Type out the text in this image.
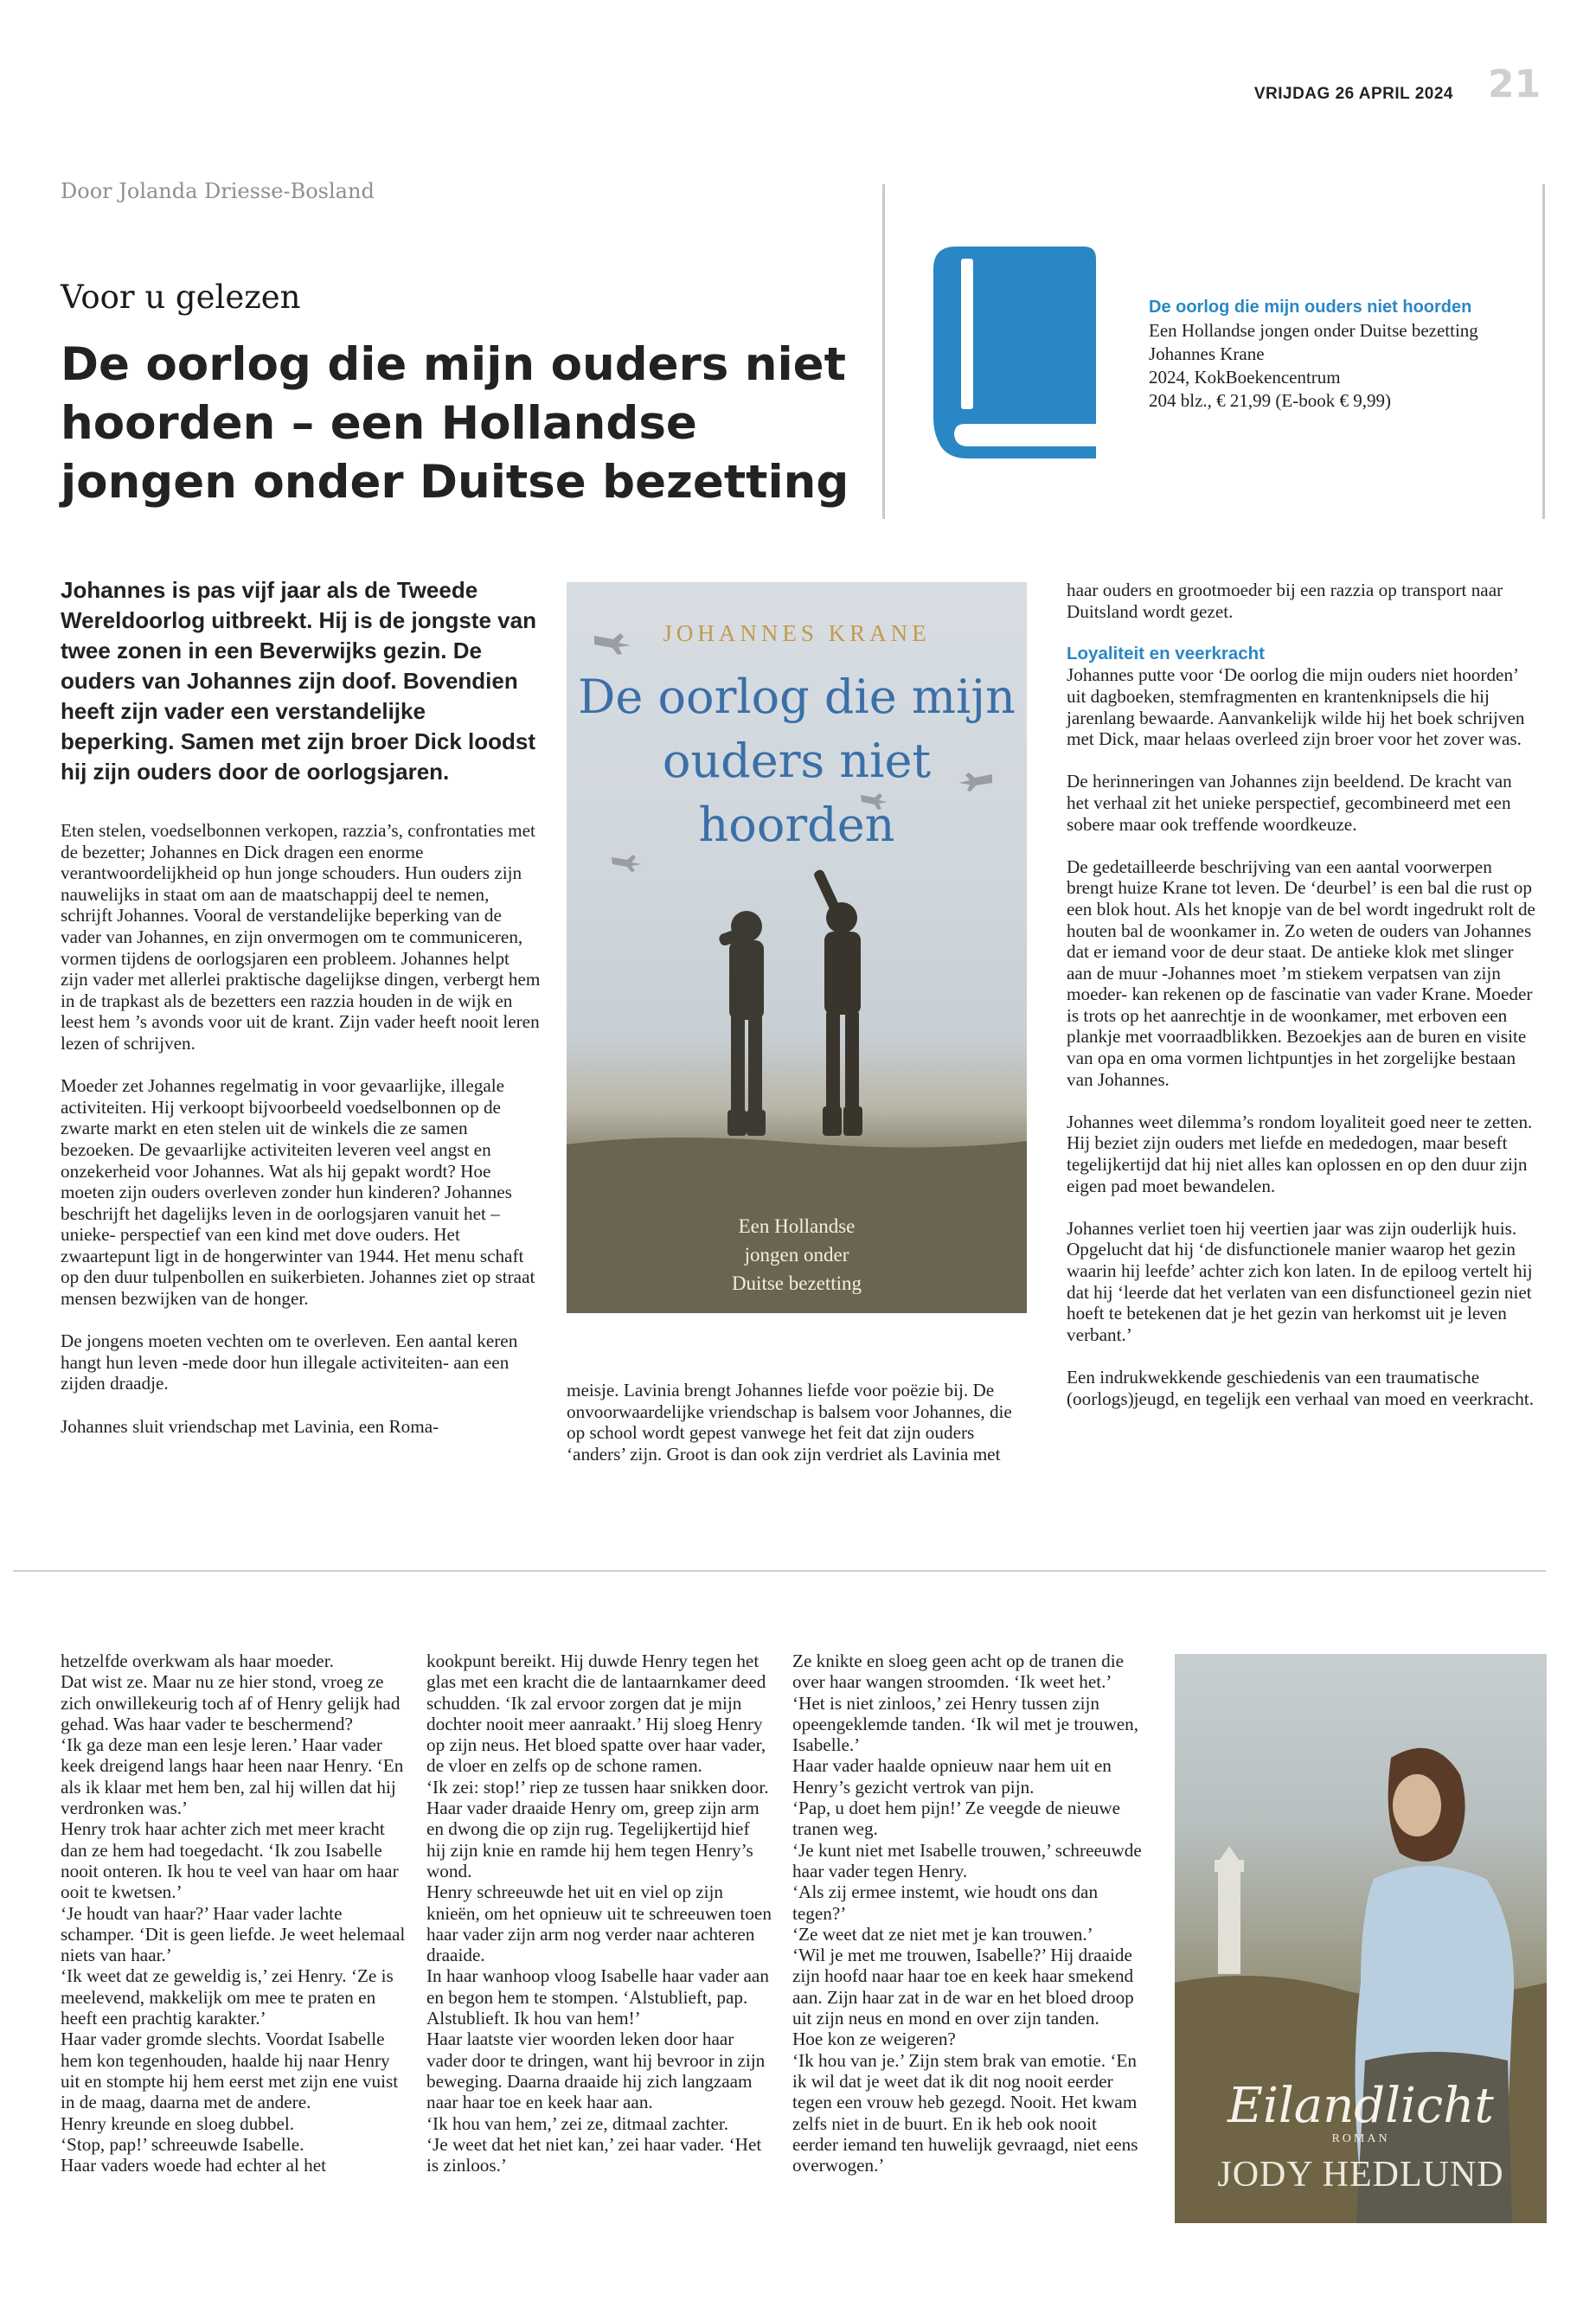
VRIJDAG 26 APRIL 2024 21
Door Jolanda Driesse-Bosland
Voor u gelezen
De oorlog die mijn ouders niet hoorden – een Hollandse jongen onder Duitse bezetting
De oorlog die mijn ouders niet hoorden
Een Hollandse jongen onder Duitse bezetting
Johannes Krane
2024, KokBoekencentrum
204 blz., € 21,99 (E-book € 9,99)

Johannes is pas vijf jaar als de Tweede Wereldoorlog uitbreekt. Hij is de jongste van twee zonen in een Beverwijks gezin. De ouders van Johannes zijn doof. Bovendien heeft zijn vader een verstandelijke beperking. Samen met zijn broer Dick loodst hij zijn ouders door de oorlogsjaren.

Eten stelen, voedselbonnen verkopen, razzia’s, confrontaties met de bezetter; Johannes en Dick dragen een enorme verantwoordelijkheid op hun jonge schouders. Hun ouders zijn nauwelijks in staat om aan de maatschappij deel te nemen, schrijft Johannes. Vooral de verstandelijke beperking van de vader van Johannes, en zijn onvermogen om te communiceren, vormen tijdens de oorlogsjaren een probleem. Johannes helpt zijn vader met allerlei praktische dagelijkse dingen, verbergt hem in de trapkast als de bezetters een razzia houden in de wijk en leest hem ’s avonds voor uit de krant. Zijn vader heeft nooit leren lezen of schrijven.

Moeder zet Johannes regelmatig in voor gevaarlijke, illegale activiteiten. Hij verkoopt bijvoorbeeld voedselbonnen op de zwarte markt en eten stelen uit de winkels die ze samen bezoeken. De gevaarlijke activiteiten leveren veel angst en onzekerheid voor Johannes. Wat als hij gepakt wordt? Hoe moeten zijn ouders overleven zonder hun kinderen? Johannes beschrijft het dagelijks leven in de oorlogsjaren vanuit het – unieke- perspectief van een kind met dove ouders. Het zwaartepunt ligt in de hongerwinter van 1944. Het menu schaft op den duur tulpenbollen en suikerbieten. Johannes ziet op straat mensen bezwijken van de honger.

De jongens moeten vechten om te overleven. Een aantal keren hangt hun leven -mede door hun illegale activiteiten- aan een zijden draadje.

Johannes sluit vriendschap met Lavinia, een Roma-

JOHANNES KRANE
De oorlog die mijn ouders niet hoorden
Een Hollandse
jongen onder
Duitse bezetting

meisje. Lavinia brengt Johannes liefde voor poëzie bij. De onvoorwaardelijke vriendschap is balsem voor Johannes, die op school wordt gepest vanwege het feit dat zijn ouders ‘anders’ zijn. Groot is dan ook zijn verdriet als Lavinia met

haar ouders en grootmoeder bij een razzia op transport naar Duitsland wordt gezet.

Loyaliteit en veerkracht

Johannes putte voor ‘De oorlog die mijn ouders niet hoorden’ uit dagboeken, stemfragmenten en krantenknipsels die hij jarenlang bewaarde. Aanvankelijk wilde hij het boek schrijven met Dick, maar helaas overleed zijn broer voor het zover was.

De herinneringen van Johannes zijn beeldend. De kracht van het verhaal zit het unieke perspectief, gecombineerd met een sobere maar ook treffende woordkeuze.

De gedetailleerde beschrijving van een aantal voorwerpen brengt huize Krane tot leven. De ‘deurbel’ is een bal die rust op een blok hout. Als het knopje van de bel wordt ingedrukt rolt de houten bal de woonkamer in. Zo weten de ouders van Johannes dat er iemand voor de deur staat. De antieke klok met slinger aan de muur -Johannes moet ’m stiekem verpatsen van zijn moeder- kan rekenen op de fascinatie van vader Krane. Moeder is trots op het aanrechtje in de woonkamer, met erboven een plankje met voorraadblikken. Bezoekjes aan de buren en visite van opa en oma vormen lichtpuntjes in het zorgelijke bestaan van Johannes.

Johannes weet dilemma’s rondom loyaliteit goed neer te zetten. Hij beziet zijn ouders met liefde en mededogen, maar beseft tegelijkertijd dat hij niet alles kan oplossen en op den duur zijn eigen pad moet bewandelen.

Johannes verliet toen hij veertien jaar was zijn ouderlijk huis. Opgelucht dat hij ‘de disfunctionele manier waarop het gezin waarin hij leefde’ achter zich kon laten. In de epiloog vertelt hij dat hij ‘leerde dat het verlaten van een disfunctioneel gezin niet hoeft te betekenen dat je het gezin van herkomst uit je leven verbant.’

Een indrukwekkende geschiedenis van een traumatische (oorlogs)jeugd, en tegelijk een verhaal van moed en veerkracht.

hetzelfde overkwam als haar moeder.

Dat wist ze. Maar nu ze hier stond, vroeg ze zich onwillekeurig toch af of Henry gelijk had gehad. Was haar vader te beschermend?

‘Ik ga deze man een lesje leren.’ Haar vader keek dreigend langs haar heen naar Henry. ‘En als ik klaar met hem ben, zal hij willen dat hij verdronken was.’

Henry trok haar achter zich met meer kracht dan ze hem had toegedacht. ‘Ik zou Isabelle nooit onteren. Ik hou te veel van haar om haar ooit te kwetsen.’

‘Je houdt van haar?’ Haar vader lachte schamper. ‘Dit is geen liefde. Je weet helemaal niets van haar.’

‘Ik weet dat ze geweldig is,’ zei Henry. ‘Ze is meelevend, makkelijk om mee te praten en heeft een prachtig karakter.’

Haar vader gromde slechts. Voordat Isabelle hem kon tegenhouden, haalde hij naar Henry uit en stompte hij hem eerst met zijn ene vuist in de maag, daarna met de andere.

Henry kreunde en sloeg dubbel.

‘Stop, pap!’ schreeuwde Isabelle.

Haar vaders woede had echter al het

kookpunt bereikt. Hij duwde Henry tegen het glas met een kracht die de lantaarnkamer deed schudden. ‘Ik zal ervoor zorgen dat je mijn dochter nooit meer aanraakt.’ Hij sloeg Henry op zijn neus. Het bloed spatte over haar vader, de vloer en zelfs op de schone ramen.

‘Ik zei: stop!’ riep ze tussen haar snikken door.

Haar vader draaide Henry om, greep zijn arm en dwong die op zijn rug. Tegelijkertijd hief hij zijn knie en ramde hij hem tegen Henry’s wond.

Henry schreeuwde het uit en viel op zijn knieën, om het opnieuw uit te schreeuwen toen haar vader zijn arm nog verder naar achteren draaide.

In haar wanhoop vloog Isabelle haar vader aan en begon hem te stompen. ‘Alstublieft, pap. Alstublieft. Ik hou van hem!’

Haar laatste vier woorden leken door haar vader door te dringen, want hij bevroor in zijn beweging. Daarna draaide hij zich langzaam naar haar toe en keek haar aan.

‘Ik hou van hem,’ zei ze, ditmaal zachter.

‘Je weet dat het niet kan,’ zei haar vader. ‘Het is zinloos.’

Ze knikte en sloeg geen acht op de tranen die over haar wangen stroomden. ‘Ik weet het.’

‘Het is niet zinloos,’ zei Henry tussen zijn opeengeklemde tanden. ‘Ik wil met je trouwen, Isabelle.’

Haar vader haalde opnieuw naar hem uit en Henry’s gezicht vertrok van pijn.

‘Pap, u doet hem pijn!’ Ze veegde de nieuwe tranen weg.

‘Je kunt niet met Isabelle trouwen,’ schreeuwde haar vader tegen Henry.

‘Als zij ermee instemt, wie houdt ons dan tegen?’

‘Ze weet dat ze niet met je kan trouwen.’

‘Wil je met me trouwen, Isabelle?’ Hij draaide zijn hoofd naar haar toe en keek haar smekend aan. Zijn haar zat in de war en het bloed droop uit zijn neus en mond en over zijn tanden.

Hoe kon ze weigeren?

‘Ik hou van je.’ Zijn stem brak van emotie. ‘En ik wil dat je weet dat ik dit nog nooit eerder tegen een vrouw heb gezegd. Nooit. Het kwam zelfs niet in de buurt. En ik heb ook nooit eerder iemand ten huwelijk gevraagd, niet eens overwogen.’

Eilandlicht
ROMAN
JODY HEDLUND
